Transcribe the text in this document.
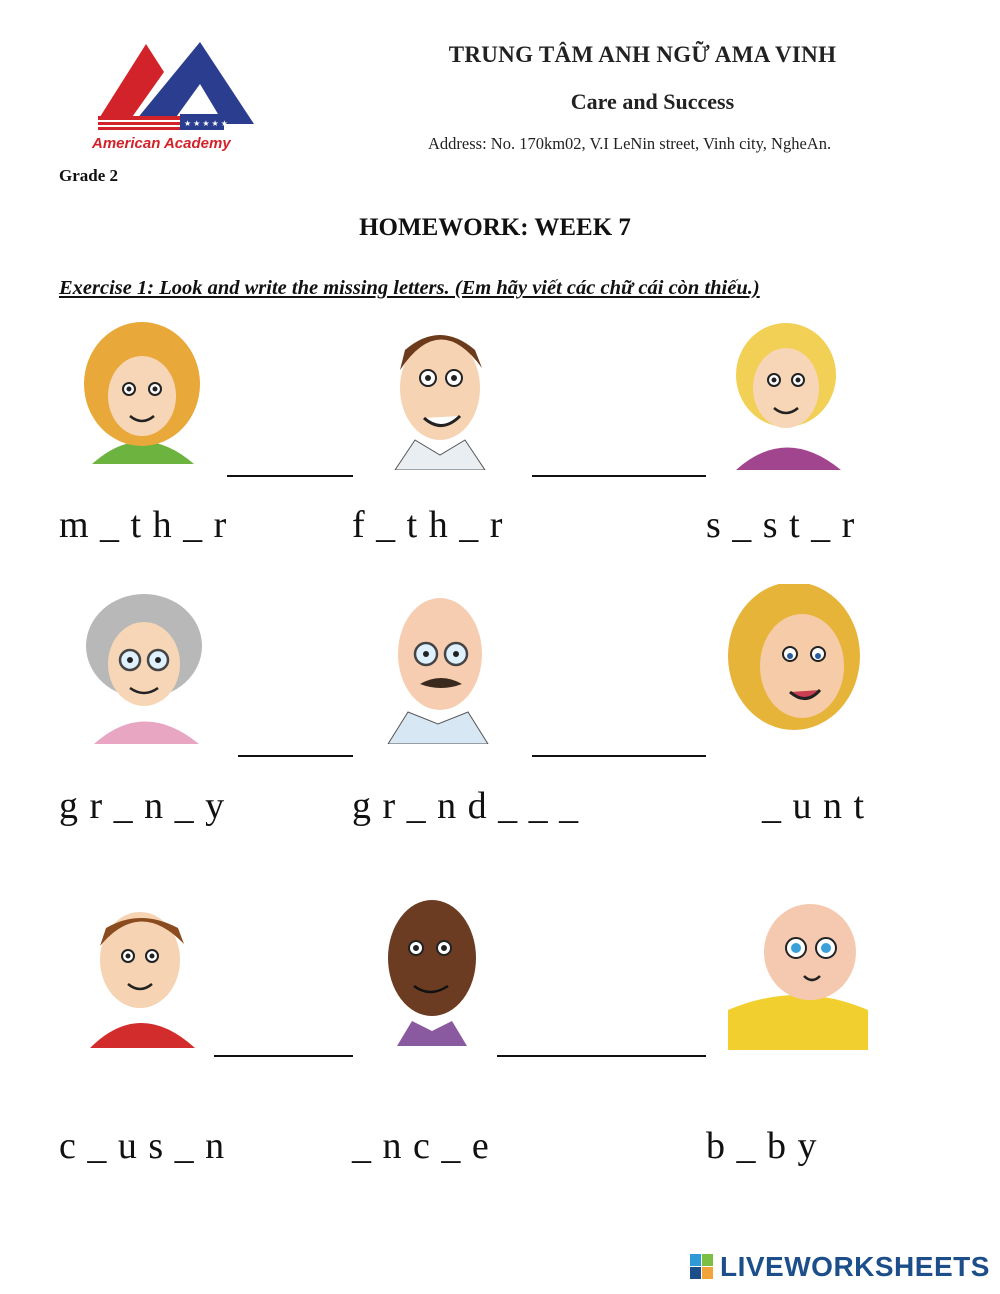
★ ★ ★ ★ ★
American Academy
TRUNG TÂM ANH NGỮ AMA VINH
Care and Success
Address: No. 170km02, V.I LeNin street, Vinh city, NgheAn.
Grade 2
HOMEWORK: WEEK 7
Exercise 1: Look and write the missing letters. (Em hãy viết các chữ cái còn thiếu.)
m _ t h _ r	f _ t h _ r	s _ s t _ r
g r _ n _ y	g r _ n d _ _ _	_ u n t
c _ u s _ n	_ n c _ e	b _ b y
LIVEWORKSHEETS
